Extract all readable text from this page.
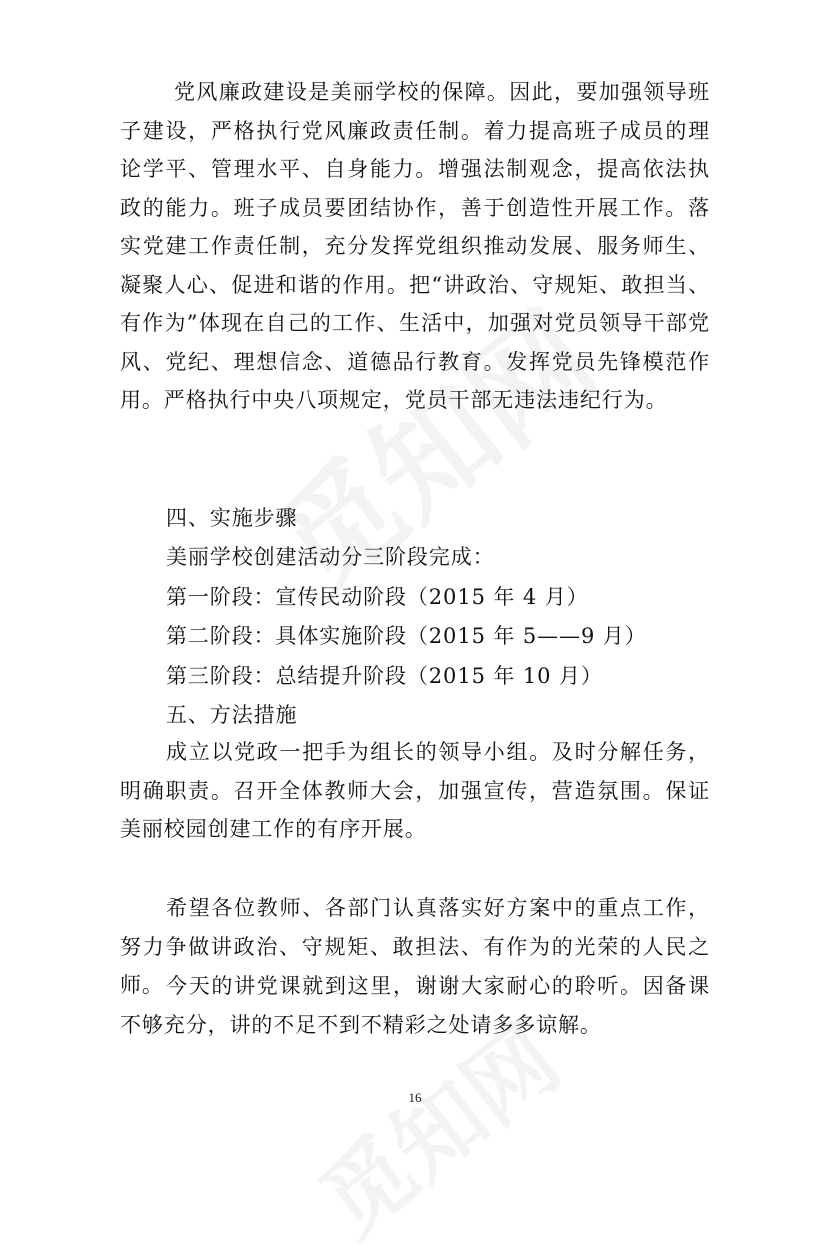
党风廉政建设是美丽学校的保障。因此，要加强领导班子建设，严格执行党风廉政责任制。着力提高班子成员的理论学平、管理水平、自身能力。增强法制观念，提高依法执政的能力。班子成员要团结协作，善于创造性开展工作。落实党建工作责任制，充分发挥党组织推动发展、服务师生、凝聚人心、促进和谐的作用。把“讲政治、守规矩、敢担当、有作为”体现在自己的工作、生活中，加强对党员领导干部党风、党纪、理想信念、道德品行教育。发挥党员先锋模范作用。严格执行中央八项规定，党员干部无违法违纪行为。

四、实施步骤

美丽学校创建活动分三阶段完成：

第一阶段：宣传民动阶段（2015 年 4 月）

第二阶段：具体实施阶段（2015 年 5——9 月）

第三阶段：总结提升阶段（2015 年 10 月）

五、方法措施

成立以党政一把手为组长的领导小组。及时分解任务，明确职责。召开全体教师大会，加强宣传，营造氛围。保证美丽校园创建工作的有序开展。

希望各位教师、各部门认真落实好方案中的重点工作，努力争做讲政治、守规矩、敢担法、有作为的光荣的人民之师。 今天的讲党课就到这里，谢谢大家耐心的聆听。因备课不够充分，讲的不足不到不精彩之处请多多谅解。

16
